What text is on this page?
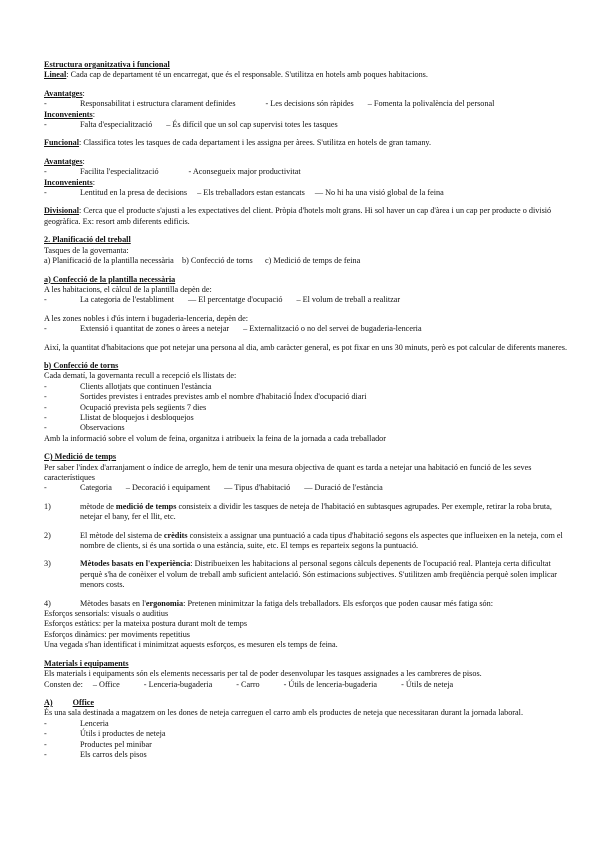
Estructura organitzativa i funcional

Lineal: Cada cap de departament té un encarregat, que és el responsable. S'utilitza en hotels amb poques habitacions.

Avantatges:

-	Responsabilitat i estructura clarament definides	- Les decisions són ràpides – Fomenta la polivalència del personal

Inconvenients:

-	Falta d'especialització – És difícil que un sol cap supervisi totes les tasques

Funcional: Classifica totes les tasques de cada departament i les assigna per àrees. S'utilitza en hotels de gran tamany.

Avantatges:

-	Facilita l'especialització	- Aconsegueix major productivitat

Inconvenients:

-	Lentitud en la presa de decisions – Els treballadors estan estancats — No hi ha una visió global de la feina

Divisional: Cerca que el producte s'ajusti a les expectatives del client. Pròpia d'hotels molt grans. Hi sol haver un cap d'àrea i un cap per producte o divisió geogràfica. Ex: resort amb diferents edificis.

2. Planificació del treball

Tasques de la governanta:

a) Planificació de la plantilla necessària    b) Confecció de torns      c) Medició de temps de feina

a) Confecció de la plantilla necessària

A les habitacions, el càlcul de la plantilla depèn de:

-	La categoria de l'establiment — El percentatge d'ocupació – El volum de treball a realitzar

A les zones nobles i d'ús intern i bugaderia-lenceria, depèn de:

-	Extensió i quantitat de zones o àrees a netejar – Externalització o no del servei de bugaderia-lenceria

Així, la quantitat d'habitacions que pot netejar una persona al dia, amb caràcter general, es pot fixar en uns 30 minuts, però es pot calcular de diferents maneres.

b) Confecció de torns

Cada dematí, la governanta recull a recepció els llistats de:

-	Clients allotjats que continuen l'estància
-	Sortides previstes i entrades previstes amb el nombre d'habitació Índex d'ocupació diari
-	Ocupació prevista pels següents 7 dies
-	Llistat de bloquejos i desbloquejos
-	Observacions

Amb la informació sobre el volum de feina, organitza i atribueix la feina de la jornada a cada treballador

C) Medició de temps

Per saber l'índex d'arranjament o índice de arreglo, hem de tenir una mesura objectiva de quant es tarda a netejar una habitació en funció de les seves característiques

-	Categoria – Decoració i equipament — Tipus d'habitació — Duració de l'estància
1)	mètode de medició de temps consisteix a dividir les tasques de neteja de l'habitació en subtasques agrupades. Per exemple, retirar la roba bruta, netejar el bany, fer el llit, etc.
2)	El mètode del sistema de crèdits consisteix a assignar una puntuació a cada tipus d'habitació segons els aspectes que influeixen en la neteja, com el nombre de clients, si és una sortida o una estància, suite, etc. El temps es reparteix segons la puntuació.
3)	Mètodes basats en l'experiència: Distribueixen les habitacions al personal segons càlculs depenents de l'ocupació real. Planteja certa dificultat perquè s'ha de conèixer el volum de treball amb suficient antelació. Són estimacions subjectives. S'utilitzen amb freqüència perquè solen implicar menors costs.
4)	Mètodes basats en l'ergonomia: Pretenen minimitzar la fatiga dels treballadors. Els esforços que poden causar més fatiga són:

Esforços sensorials: visuals o auditius

Esforços estàtics: per la mateixa postura durant molt de temps

Esforços dinàmics: per moviments repetitius

Una vegada s'han identificat i minimitzat aquests esforços, es mesuren els temps de feina.

Materials i equipaments

Els materials i equipaments són els elements necessaris per tal de poder desenvolupar les tasques assignades a les cambreres de pisos.

Consten de: – Office	- Lenceria-bugaderia	- Carro	- Útils de lenceria-bugaderia	- Útils de neteja

A) Office

És una sala destinada a magatzem on les dones de neteja carreguen el carro amb els productes de neteja que necessitaran durant la jornada laboral.

-	Lenceria
-	Útils i productes de neteja
-	Productes pel minibar
-	Els carros dels pisos
